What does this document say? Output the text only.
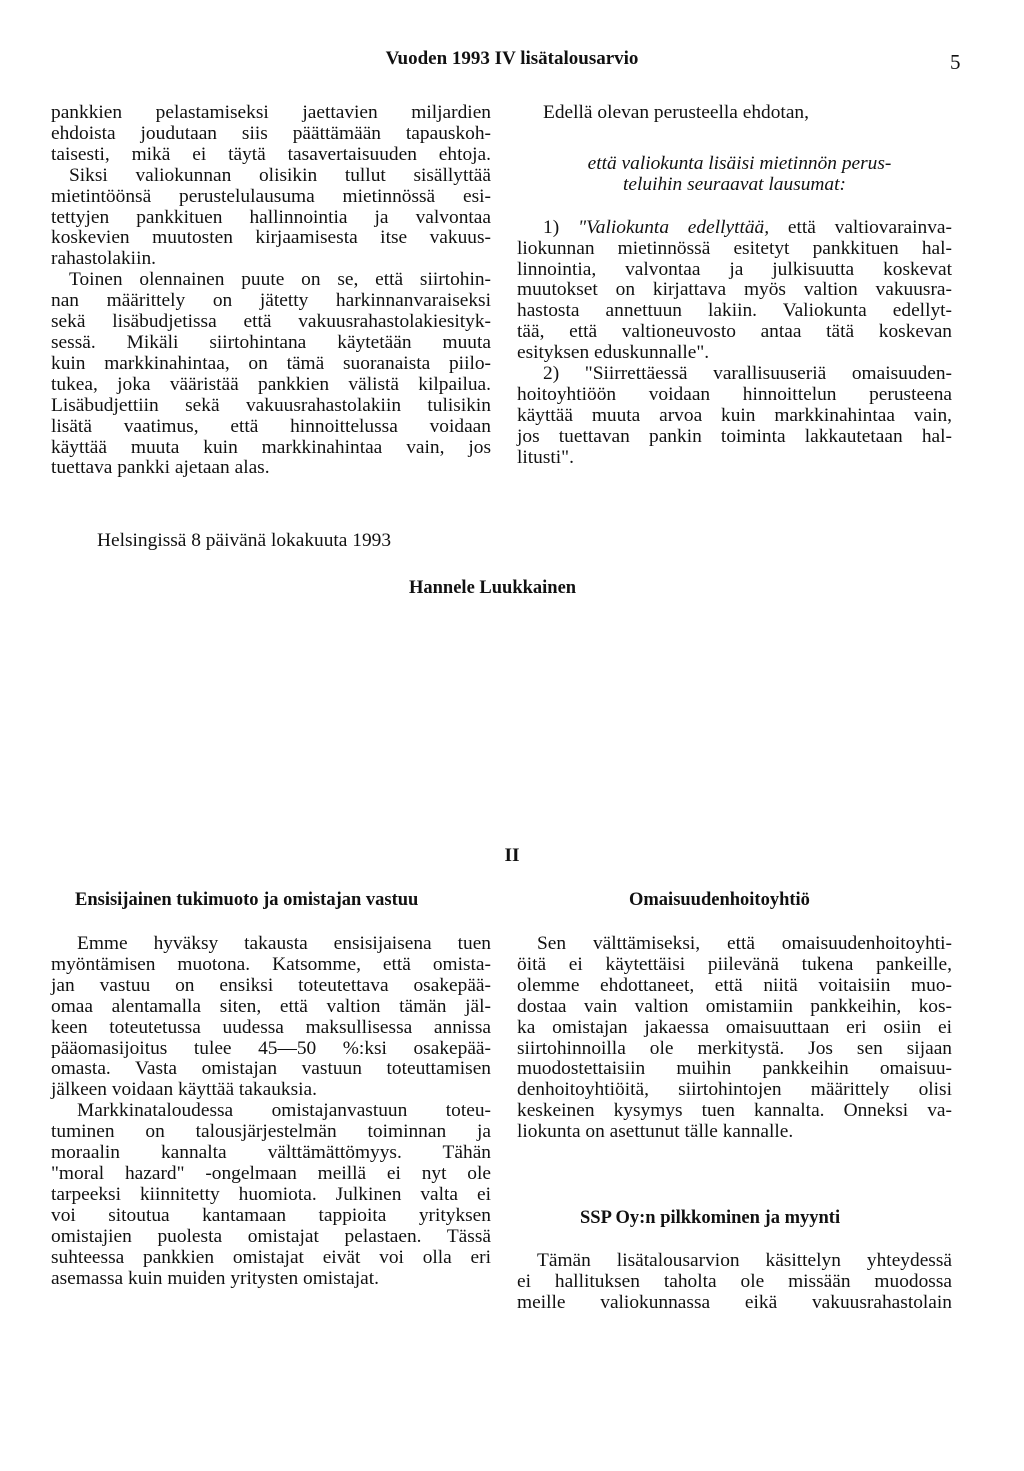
Vuoden 1993 IV lisätalousarvio	5
pankkien pelastamiseksi jaettavien miljardien
ehdoista joudutaan siis päättämään tapauskoh-
taisesti, mikä ei täytä tasavertaisuuden ehtoja.
Siksi valiokunnan olisikin tullut sisällyttää
mietintöönsä perustelulausuma mietinnössä esi-
tettyjen pankkituen hallinnointia ja valvontaa
koskevien muutosten kirjaamisesta itse vakuus-
rahastolakiin.
Toinen olennainen puute on se, että siirtohin-
nan määrittely on jätetty harkinnanvaraiseksi
sekä lisäbudjetissa että vakuusrahastolakiesityk-
sessä. Mikäli siirtohintana käytetään muuta
kuin markkinahintaa, on tämä suoranaista piilo-
tukea, joka vääristää pankkien välistä kilpailua.
Lisäbudjettiin sekä vakuusrahastolakiin tulisikin
lisätä vaatimus, että hinnoittelussa voidaan
käyttää muuta kuin markkinahintaa vain, jos
tuettava pankki ajetaan alas.
Edellä olevan perusteella ehdotan,
että valiokunta lisäisi mietinnön perus-
teluihin seuraavat lausumat:
1) "Valiokunta edellyttää, että valtiovarainva-
liokunnan mietinnössä esitetyt pankkituen hal-
linnointia, valvontaa ja julkisuutta koskevat
muutokset on kirjattava myös valtion vakuusra-
hastosta annettuun lakiin. Valiokunta edellyt-
tää, että valtioneuvosto antaa tätä koskevan
esityksen eduskunnalle".
2) "Siirrettäessä varallisuuseriä omaisuuden-
hoitoyhtiöön voidaan hinnoittelun perusteena
käyttää muuta arvoa kuin markkinahintaa vain,
jos tuettavan pankin toiminta lakkautetaan hal-
litusti".
Helsingissä 8 päivänä lokakuuta 1993
Hannele Luukkainen
II
Ensisijainen tukimuoto ja omistajan vastuu
Emme hyväksy takausta ensisijaisena tuen
myöntämisen muotona. Katsomme, että omista-
jan vastuu on ensiksi toteutettava osakepää-
omaa alentamalla siten, että valtion tämän jäl-
keen toteutetussa uudessa maksullisessa annissa
pääomasijoitus tulee 45—50 %:ksi osakepää-
omasta. Vasta omistajan vastuun toteuttamisen
jälkeen voidaan käyttää takauksia.
Markkinataloudessa omistajanvastuun toteu-
tuminen on talousjärjestelmän toiminnan ja
moraalin kannalta välttämättömyys. Tähän
"moral hazard" -ongelmaan meillä ei nyt ole
tarpeeksi kiinnitetty huomiota. Julkinen valta ei
voi sitoutua kantamaan tappioita yrityksen
omistajien puolesta omistajat pelastaen. Tässä
suhteessa pankkien omistajat eivät voi olla eri
asemassa kuin muiden yritysten omistajat.
Omaisuudenhoitoyhtiö
Sen välttämiseksi, että omaisuudenhoitoyhti-
öitä ei käytettäisi piilevänä tukena pankeille,
olemme ehdottaneet, että niitä voitaisiin muo-
dostaa vain valtion omistamiin pankkeihin, kos-
ka omistajan jakaessa omaisuuttaan eri osiin ei
siirtohinnoilla ole merkitystä. Jos sen sijaan
muodostettaisiin muihin pankkeihin omaisuu-
denhoitoyhtiöitä, siirtohintojen määrittely olisi
keskeinen kysymys tuen kannalta. Onneksi va-
liokunta on asettunut tälle kannalle.
SSP Oy:n pilkkominen ja myynti
Tämän lisätalousarvion käsittelyn yhteydessä
ei hallituksen taholta ole missään muodossa
meille valiokunnassa eikä vakuusrahastolain
